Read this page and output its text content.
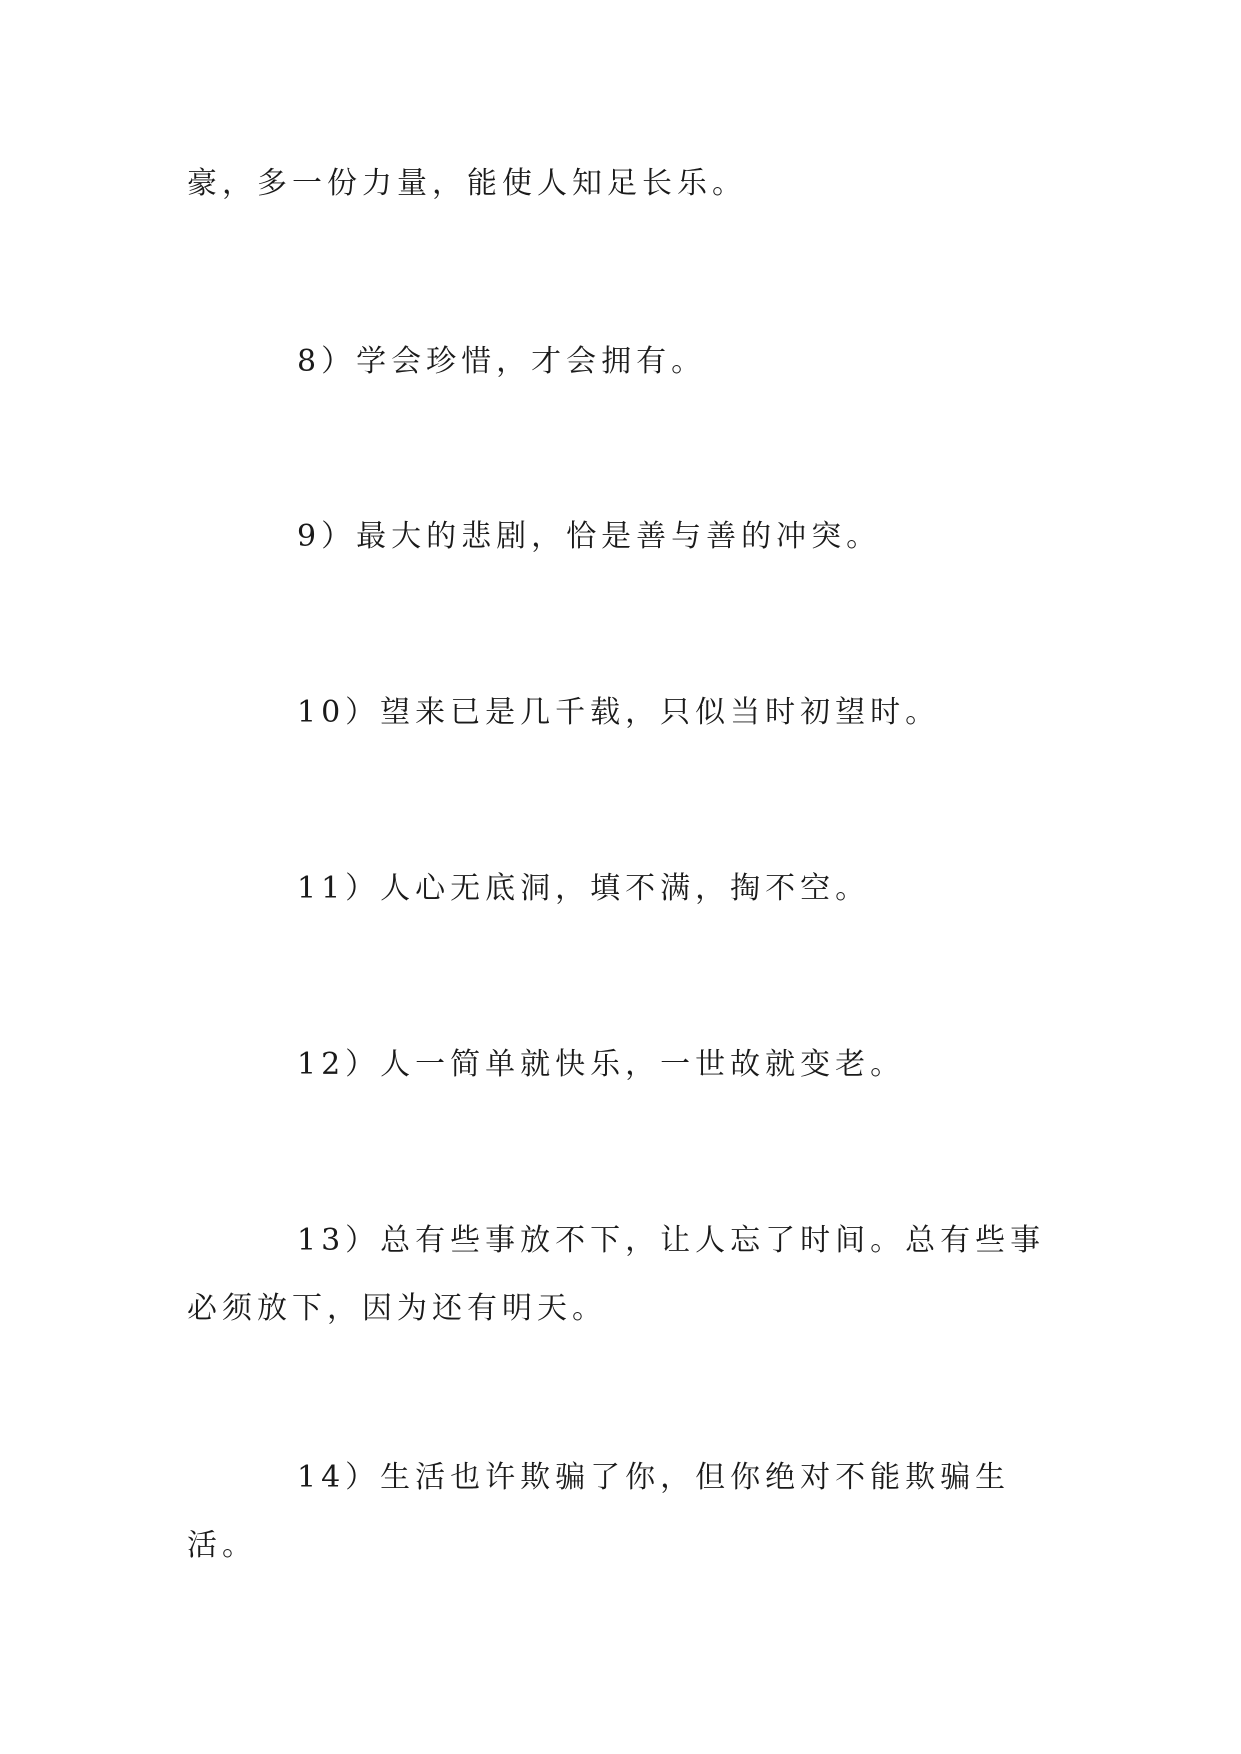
豪，多一份力量，能使人知足长乐。

8）学会珍惜，才会拥有。

9）最大的悲剧，恰是善与善的冲突。

10）望来已是几千载，只似当时初望时。

11）人心无底洞，填不满，掏不空。

12）人一简单就快乐，一世故就变老。

13）总有些事放不下，让人忘了时间。总有些事必须放下，因为还有明天。

14）生活也许欺骗了你，但你绝对不能欺骗生活。
